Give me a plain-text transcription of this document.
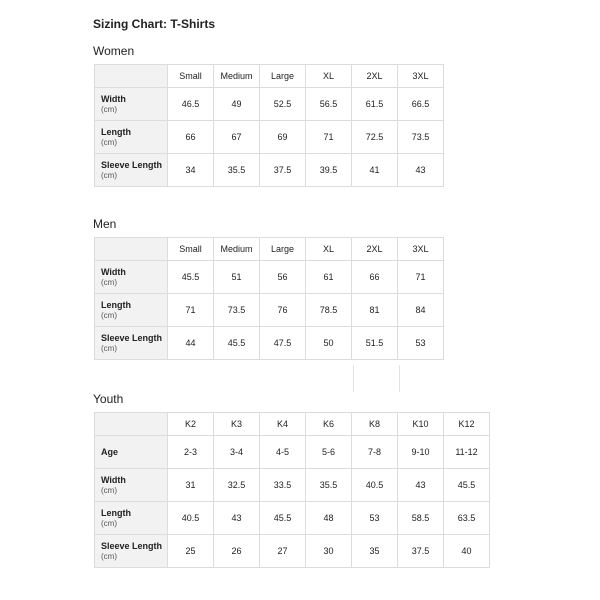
Sizing Chart: T-Shirts
Women
	Small	Medium	Large	XL	2XL	3XL

Width
(cm)	46.5	49	52.5	56.5	61.5	66.5

Length
(cm)	66	67	69	71	72.5	73.5

Sleeve Length
(cm)	34	35.5	37.5	39.5	41	43
Men
	Small	Medium	Large	XL	2XL	3XL

Width
(cm)	45.5	51	56	61	66	71

Length
(cm)	71	73.5	76	78.5	81	84

Sleeve Length
(cm)	44	45.5	47.5	50	51.5	53
Youth
	K2	K3	K4	K6	K8	K10	K12

Age	2-3	3-4	4-5	5-6	7-8	9-10	11-12

Width
(cm)	31	32.5	33.5	35.5	40.5	43	45.5

Length
(cm)	40.5	43	45.5	48	53	58.5	63.5

Sleeve Length
(cm)	25	26	27	30	35	37.5	40
